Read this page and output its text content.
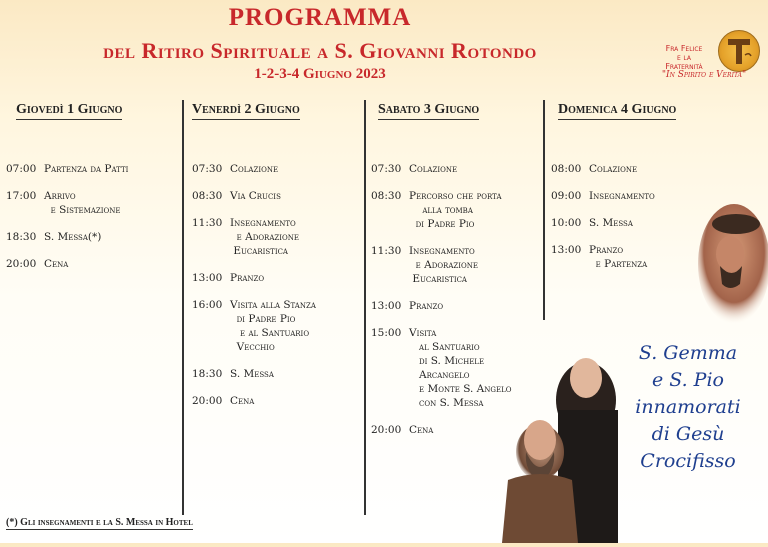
PROGRAMMA
del Ritiro Spirituale a S. Giovanni Rotondo
1-2-3-4 Giugno 2023
Fra Felice
e la
Fraternità
"In Spirito e Verità"
Giovedì 1 Giugno	Venerdì 2 Giugno	Sabato 3 Giugno	Domenica 4 Giugno
07:00 Partenza da Patti
17:00 Arrivo
e Sistemazione
18:30 S. Messa(*)
20:00 Cena
07:30 Colazione
08:30 Via Crucis
11:30 Insegnamento
e Adorazione
Eucaristica
13:00 Pranzo
16:00 Visita alla Stanza
di Padre Pio
e al Santuario
Vecchio
18:30 S. Messa
20:00 Cena
07:30 Colazione
08:30 Percorso che porta
alla tomba
di Padre Pio
11:30 Insegnamento
e Adorazione
Eucaristica
13:00 Pranzo
15:00 Visita
al Santuario
di S. Michele
Arcangelo
e Monte S. Angelo
con S. Messa
20:00 Cena
08:00 Colazione
09:00 Insegnamento
10:00 S. Messa
13:00 Pranzo
e Partenza
S. Gemma
e S. Pio
innamorati
di Gesù
Crocifisso
(*) Gli insegnamenti e la S. Messa in Hotel
